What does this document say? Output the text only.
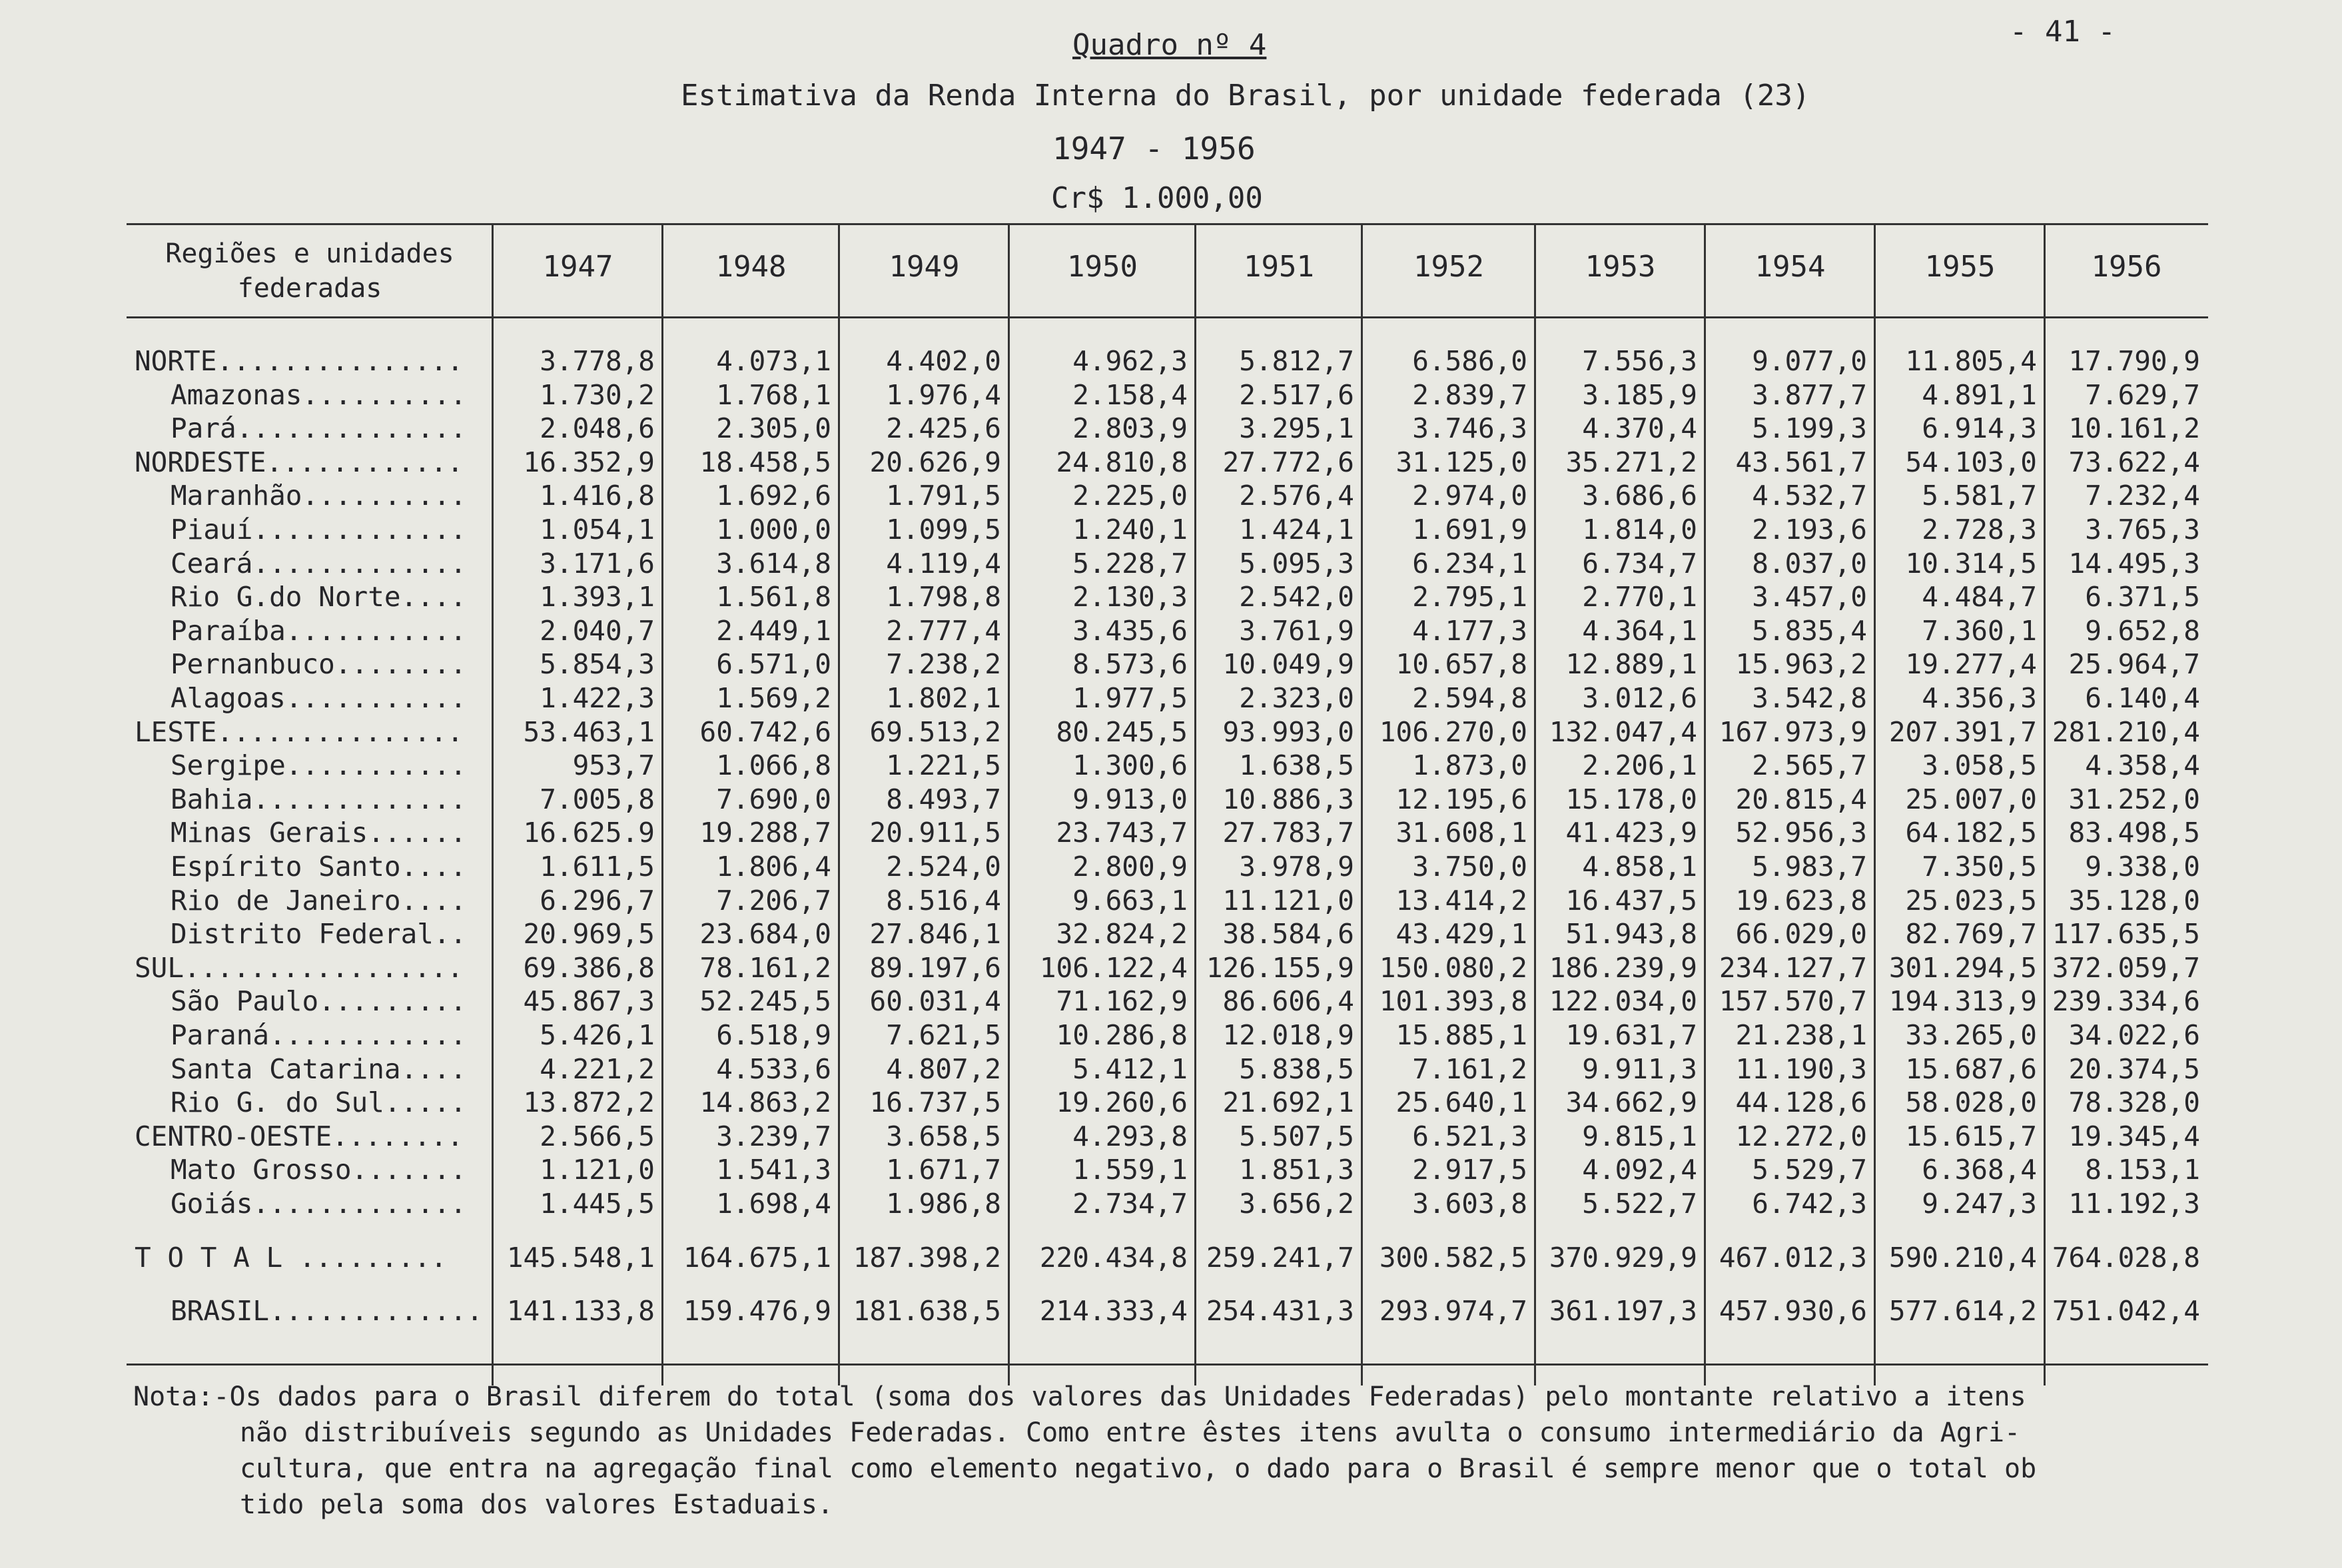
- 41 -
Quadro nº 4
Estimativa da Renda Interna do Brasil, por unidade federada (23)
1947 - 1956
Cr$ 1.000,00
Regiões e unidades
federadas
1947	1948	1949	1950	1951	1952	1953	1954	1955	1956
NORTE...............	3.778,8	4.073,1	4.402,0	4.962,3	5.812,7	6.586,0	7.556,3	9.077,0	11.805,4	17.790,9
Amazonas..........	1.730,2	1.768,1	1.976,4	2.158,4	2.517,6	2.839,7	3.185,9	3.877,7	4.891,1	7.629,7
Pará..............	2.048,6	2.305,0	2.425,6	2.803,9	3.295,1	3.746,3	4.370,4	5.199,3	6.914,3	10.161,2
NORDESTE............	16.352,9	18.458,5	20.626,9	24.810,8	27.772,6	31.125,0	35.271,2	43.561,7	54.103,0	73.622,4
Maranhão..........	1.416,8	1.692,6	1.791,5	2.225,0	2.576,4	2.974,0	3.686,6	4.532,7	5.581,7	7.232,4
Piauí.............	1.054,1	1.000,0	1.099,5	1.240,1	1.424,1	1.691,9	1.814,0	2.193,6	2.728,3	3.765,3
Ceará.............	3.171,6	3.614,8	4.119,4	5.228,7	5.095,3	6.234,1	6.734,7	8.037,0	10.314,5	14.495,3
Rio G.do Norte....	1.393,1	1.561,8	1.798,8	2.130,3	2.542,0	2.795,1	2.770,1	3.457,0	4.484,7	6.371,5
Paraíba...........	2.040,7	2.449,1	2.777,4	3.435,6	3.761,9	4.177,3	4.364,1	5.835,4	7.360,1	9.652,8
Pernanbuco........	5.854,3	6.571,0	7.238,2	8.573,6	10.049,9	10.657,8	12.889,1	15.963,2	19.277,4	25.964,7
Alagoas...........	1.422,3	1.569,2	1.802,1	1.977,5	2.323,0	2.594,8	3.012,6	3.542,8	4.356,3	6.140,4
LESTE...............	53.463,1	60.742,6	69.513,2	80.245,5	93.993,0 106.270,0 132.047,4 167.973,9 207.391,7 281.210,4
Sergipe...........	953,7	1.066,8	1.221,5	1.300,6	1.638,5	1.873,0	2.206,1	2.565,7	3.058,5	4.358,4
Bahia.............	7.005,8	7.690,0	8.493,7	9.913,0	10.886,3	12.195,6	15.178,0	20.815,4	25.007,0	31.252,0
Minas Gerais......	16.625.9	19.288,7	20.911,5	23.743,7	27.783,7	31.608,1	41.423,9	52.956,3	64.182,5	83.498,5
Espírito Santo....	1.611,5	1.806,4	2.524,0	2.800,9	3.978,9	3.750,0	4.858,1	5.983,7	7.350,5	9.338,0
Rio de Janeiro....	6.296,7	7.206,7	8.516,4	9.663,1	11.121,0	13.414,2	16.437,5	19.623,8	25.023,5	35.128,0
Distrito Federal..	20.969,5	23.684,0	27.846,1	32.824,2	38.584,6	43.429,1	51.943,8	66.029,0	82.769,7 117.635,5
SUL.................	69.386,8	78.161,2	89.197,6	106.122,4 126.155,9 150.080,2 186.239,9 234.127,7 301.294,5 372.059,7
São Paulo.........	45.867,3	52.245,5	60.031,4	71.162,9	86.606,4 101.393,8 122.034,0 157.570,7 194.313,9 239.334,6
Paraná............	5.426,1	6.518,9	7.621,5	10.286,8	12.018,9	15.885,1	19.631,7	21.238,1	33.265,0	34.022,6
Santa Catarina....	4.221,2	4.533,6	4.807,2	5.412,1	5.838,5	7.161,2	9.911,3	11.190,3	15.687,6	20.374,5
Rio G. do Sul.....	13.872,2	14.863,2	16.737,5	19.260,6	21.692,1	25.640,1	34.662,9	44.128,6	58.028,0	78.328,0
CENTRO-OESTE........	2.566,5	3.239,7	3.658,5	4.293,8	5.507,5	6.521,3	9.815,1	12.272,0	15.615,7	19.345,4
Mato Grosso.......	1.121,0	1.541,3	1.671,7	1.559,1	1.851,3	2.917,5	4.092,4	5.529,7	6.368,4	8.153,1
Goiás.............	1.445,5	1.698,4	1.986,8	2.734,7	3.656,2	3.603,8	5.522,7	6.742,3	9.247,3	11.192,3
T O T A L .........	145.548,1	164.675,1 187.398,2	220.434,8 259.241,7 300.582,5 370.929,9 467.012,3 590.210,4 764.028,8
BRASIL............. 141.133,8	159.476,9 181.638,5	214.333,4 254.431,3 293.974,7 361.197,3 457.930,6 577.614,2 751.042,4
Nota:-Os dados para o Brasil diferem do total (soma dos valores das Unidades Federadas) pelo montante relativo a itens
não distribuíveis segundo as Unidades Federadas. Como entre êstes itens avulta o consumo intermediário da Agri-
cultura, que entra na agregação final como elemento negativo, o dado para o Brasil é sempre menor que o total ob
tido pela soma dos valores Estaduais.
